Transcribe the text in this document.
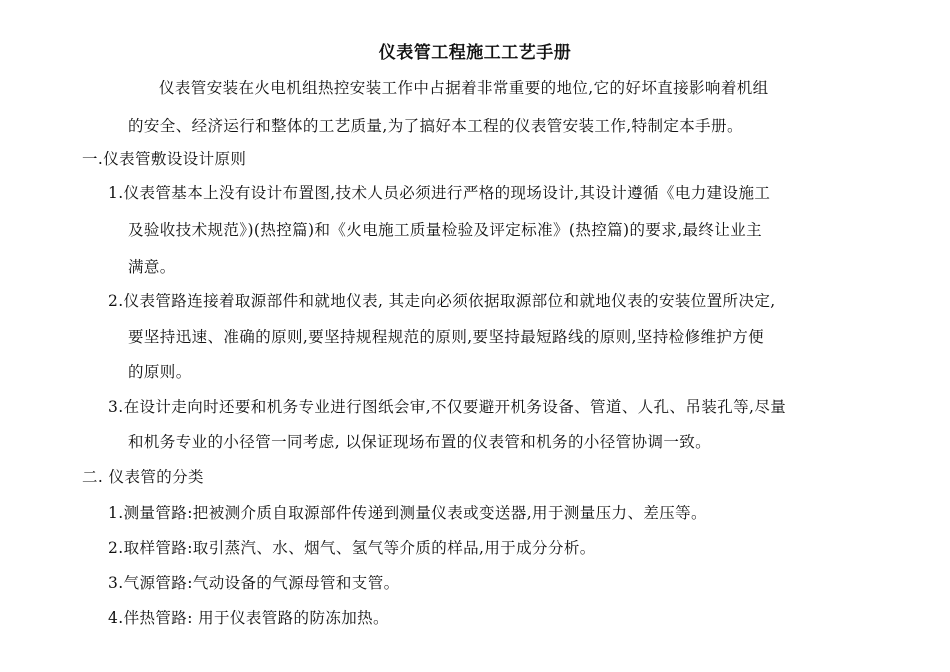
仪表管工程施工工艺手册
仪表管安装在火电机组热控安装工作中占据着非常重要的地位,它的好坏直接影响着机组
的安全、经济运行和整体的工艺质量,为了搞好本工程的仪表管安装工作,特制定本手册。
一.仪表管敷设设计原则
1.仪表管基本上没有设计布置图,技术人员必须进行严格的现场设计,其设计遵循《电力建设施工
及验收技术规范》)(热控篇)和《火电施工质量检验及评定标准》(热控篇)的要求,最终让业主
满意。
2.仪表管路连接着取源部件和就地仪表, 其走向必须依据取源部位和就地仪表的安装位置所决定,
要坚持迅速、准确的原则,要坚持规程规范的原则,要坚持最短路线的原则,坚持检修维护方便
的原则。
3.在设计走向时还要和机务专业进行图纸会审,不仅要避开机务设备、管道、人孔、吊装孔等,尽量
和机务专业的小径管一同考虑, 以保证现场布置的仪表管和机务的小径管协调一致。
二. 仪表管的分类
1.测量管路:把被测介质自取源部件传递到测量仪表或变送器,用于测量压力、差压等。
2.取样管路:取引蒸汽、水、烟气、氢气等介质的样品,用于成分分析。
3.气源管路:气动设备的气源母管和支管。
4.伴热管路: 用于仪表管路的防冻加热。
